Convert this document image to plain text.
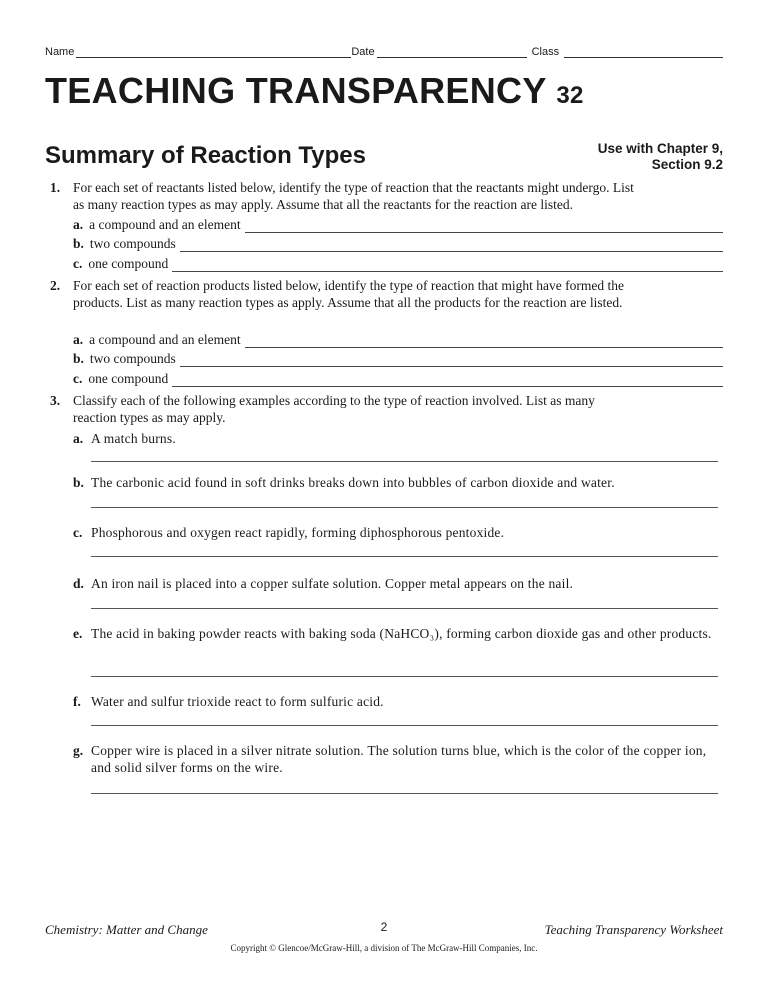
Name	Date	Class
TEACHING TRANSPARENCY 32
Summary of Reaction Types	Use with Chapter 9,
Section 9.2
1. For each set of reactants listed below, identify the type of reaction that the reactants might undergo. List as many reaction types as may apply. Assume that all the reactants for the reaction are listed.
a. a compound and an element
b. two compounds
c. one compound
2. For each set of reaction products listed below, identify the type of reaction that might have formed the products. List as many reaction types as apply. Assume that all the products for the reaction are listed.
a. a compound and an element
b. two compounds
c. one compound
3. Classify each of the following examples according to the type of reaction involved. List as many reaction types as may apply.
a. A match burns.
b. The carbonic acid found in soft drinks breaks down into bubbles of carbon dioxide and water.
c. Phosphorous and oxygen react rapidly, forming diphosphorous pentoxide.
d. An iron nail is placed into a copper sulfate solution. Copper metal appears on the nail.
e. The acid in baking powder reacts with baking soda (NaHCO₃), forming carbon dioxide gas and other products.
f. Water and sulfur trioxide react to form sulfuric acid.
g. Copper wire is placed in a silver nitrate solution. The solution turns blue, which is the color of the copper ion, and solid silver forms on the wire.
Chemistry: Matter and Change	2	Teaching Transparency Worksheet
Copyright © Glencoe/McGraw-Hill, a division of The McGraw-Hill Companies, Inc.
